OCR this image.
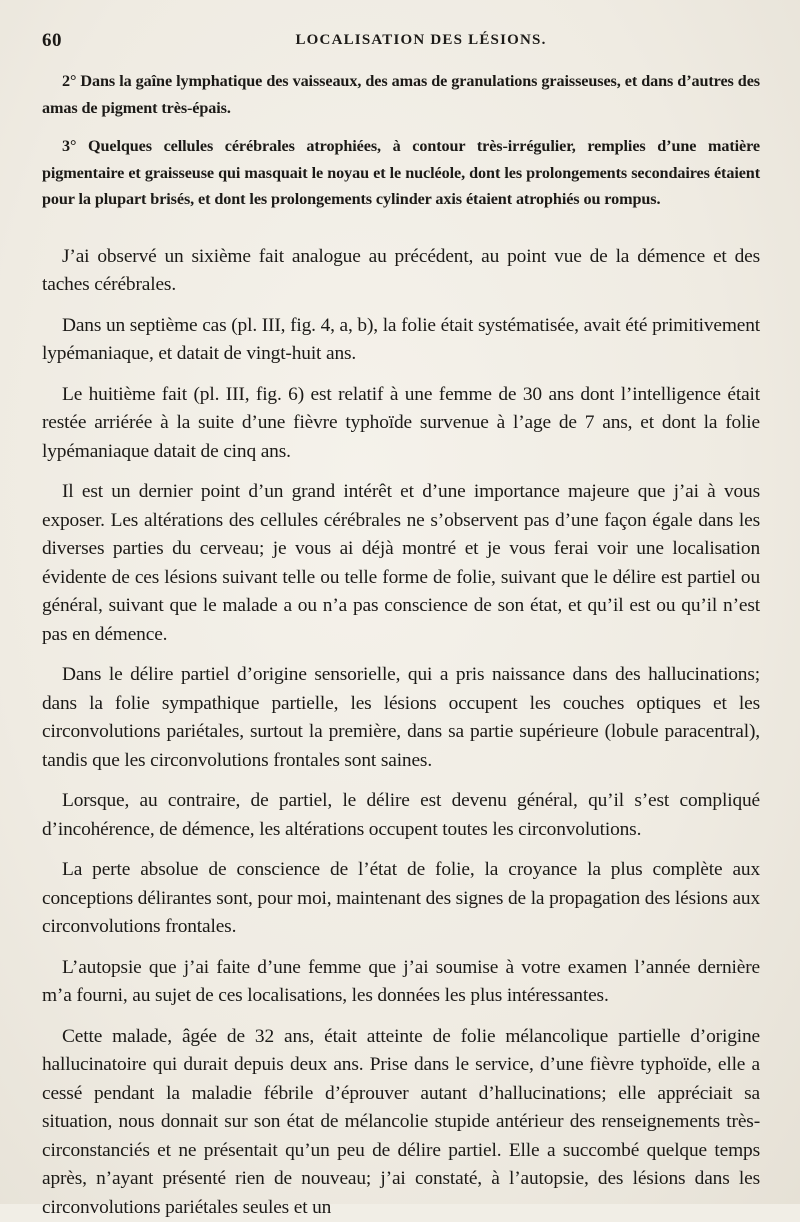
60	LOCALISATION DES LÉSIONS.

2° Dans la gaîne lymphatique des vaisseaux, des amas de granulations graisseuses, et dans d’autres des amas de pigment très-épais.

3° Quelques cellules cérébrales atrophiées, à contour très-irrégulier, remplies d’une matière pigmentaire et graisseuse qui masquait le noyau et le nucléole, dont les prolongements secondaires étaient pour la plupart brisés, et dont les prolongements cylinder axis étaient atrophiés ou rompus.

J’ai observé un sixième fait analogue au précédent, au point vue de la démence et des taches cérébrales.

Dans un septième cas (pl. III, fig. 4, a, b), la folie était systématisée, avait été primitivement lypémaniaque, et datait de vingt-huit ans.

Le huitième fait (pl. III, fig. 6) est relatif à une femme de 30 ans dont l’intelligence était restée arriérée à la suite d’une fièvre typhoïde survenue à l’age de 7 ans, et dont la folie lypémaniaque datait de cinq ans.

Il est un dernier point d’un grand intérêt et d’une importance majeure que j’ai à vous exposer. Les altérations des cellules cérébrales ne s’observent pas d’une façon égale dans les diverses parties du cerveau; je vous ai déjà montré et je vous ferai voir une localisation évidente de ces lésions suivant telle ou telle forme de folie, suivant que le délire est partiel ou général, suivant que le malade a ou n’a pas conscience de son état, et qu’il est ou qu’il n’est pas en démence.

Dans le délire partiel d’origine sensorielle, qui a pris naissance dans des hallucinations; dans la folie sympathique partielle, les lésions occupent les couches optiques et les circonvolutions pariétales, surtout la première, dans sa partie supérieure (lobule paracentral), tandis que les circonvolutions frontales sont saines.

Lorsque, au contraire, de partiel, le délire est devenu général, qu’il s’est compliqué d’incohérence, de démence, les altérations occupent toutes les circonvolutions.

La perte absolue de conscience de l’état de folie, la croyance la plus complète aux conceptions délirantes sont, pour moi, maintenant des signes de la propagation des lésions aux circonvolutions frontales.

L’autopsie que j’ai faite d’une femme que j’ai soumise à votre examen l’année dernière m’a fourni, au sujet de ces localisations, les données les plus intéressantes.

Cette malade, âgée de 32 ans, était atteinte de folie mélancolique partielle d’origine hallucinatoire qui durait depuis deux ans. Prise dans le service, d’une fièvre typhoïde, elle a cessé pendant la maladie fébrile d’éprouver autant d’hallucinations; elle appréciait sa situation, nous donnait sur son état de mélancolie stupide antérieur des renseignements très-circonstanciés et ne présentait qu’un peu de délire partiel. Elle a succombé quelque temps après, n’ayant présenté rien de nouveau; j’ai constaté, à l’autopsie, des lésions dans les circonvolutions pariétales seules et un
